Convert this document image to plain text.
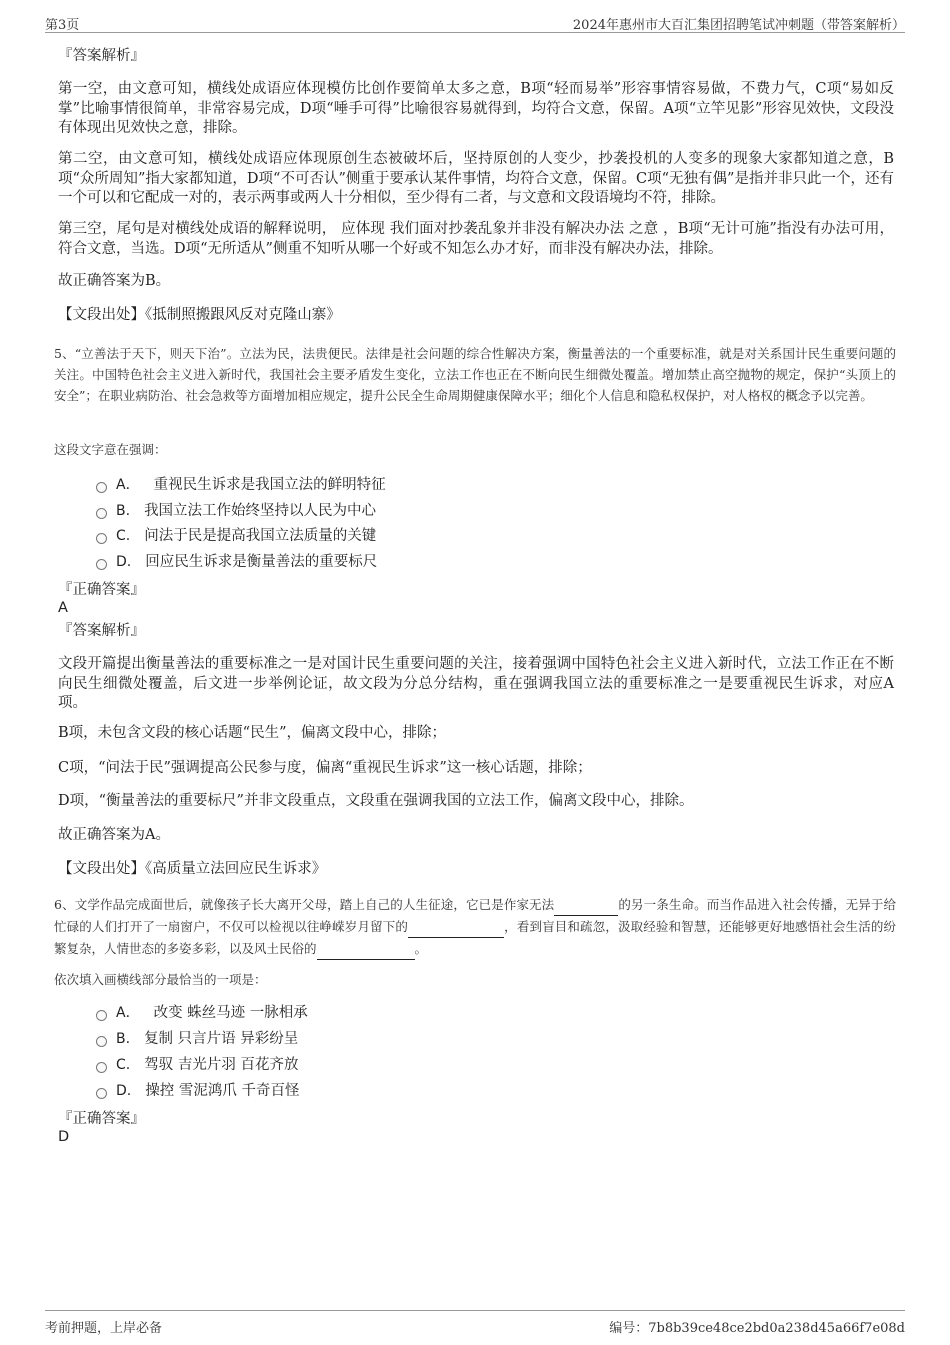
第3页	2024年惠州市大百汇集团招聘笔试冲刺题（带答案解析）
『答案解析』
第一空，由文意可知，横线处成语应体现模仿比创作要简单太多之意，B项“轻而易举”形容事情容易做，不费力气，C项“易如反掌”比喻事情很简单，非常容易完成，D项“唾手可得”比喻很容易就得到，均符合文意，保留。A项“立竿见影”形容见效快，文段没有体现出见效快之意，排除。
第二空，由文意可知，横线处成语应体现原创生态被破坏后，坚持原创的人变少，抄袭投机的人变多的现象大家都知道之意，B项“众所周知”指大家都知道，D项“不可否认”侧重于要承认某件事情，均符合文意，保留。C项“无独有偶”是指并非只此一个，还有一个可以和它配成一对的，表示两事或两人十分相似，至少得有二者，与文意和文段语境均不符，排除。
第三空，尾句是对横线处成语的解释说明， 应体现 我们面对抄袭乱象并非没有解决办法 之意 ，B项“无计可施”指没有办法可用，符合文意，当选。D项“无所适从”侧重不知听从哪一个好或不知怎么办才好，而非没有解决办法，排除。
故正确答案为B。
【文段出处】《抵制照搬跟风反对克隆山寨》
5、“立善法于天下，则天下治”。立法为民，法贵便民。法律是社会问题的综合性解决方案，衡量善法的一个重要标准，就是对关系国计民生重要问题的关注。中国特色社会主义进入新时代，我国社会主要矛盾发生变化，立法工作也正在不断向民生细微处覆盖。增加禁止高空抛物的规定，保护“头顶上的安全”；在职业病防治、社会急救等方面增加相应规定，提升公民全生命周期健康保障水平；细化个人信息和隐私权保护，对人格权的概念予以完善。
这段文字意在强调：
A． 重视民生诉求是我国立法的鲜明特征
B. 我国立法工作始终坚持以人民为中心
C. 问法于民是提高我国立法质量的关键
D. 回应民生诉求是衡量善法的重要标尺
『正确答案』
A
『答案解析』
文段开篇提出衡量善法的重要标准之一是对国计民生重要问题的关注，接着强调中国特色社会主义进入新时代，立法工作正在不断向民生细微处覆盖，后文进一步举例论证，故文段为分总分结构，重在强调我国立法的重要标准之一是要重视民生诉求，对应A项。
B项，未包含文段的核心话题“民生”，偏离文段中心，排除；
C项，“问法于民”强调提高公民参与度，偏离“重视民生诉求”这一核心话题，排除；
D项，“衡量善法的重要标尺”并非文段重点，文段重在强调我国的立法工作，偏离文段中心，排除。
故正确答案为A。
【文段出处】《高质量立法回应民生诉求》
6、文学作品完成面世后，就像孩子长大离开父母，踏上自己的人生征途，它已是作家无法	的另一条生命。而当作品进入社会传播，无异于给忙碌的人们打开了一扇窗户，不仅可以检视以往峥嵘岁月留下的	，看到盲目和疏忽，汲取经验和智慧，还能够更好地感悟社会生活的纷繁复杂，人情世态的多姿多彩，以及风土民俗的	。
依次填入画横线部分最恰当的一项是：
A． 改变 蛛丝马迹 一脉相承
B. 复制 只言片语 异彩纷呈
C. 驾驭 吉光片羽 百花齐放
D. 操控 雪泥鸿爪 千奇百怪
『正确答案』
D
考前押题，上岸必备	编号：7b8b39ce48ce2bd0a238d45a66f7e08d
